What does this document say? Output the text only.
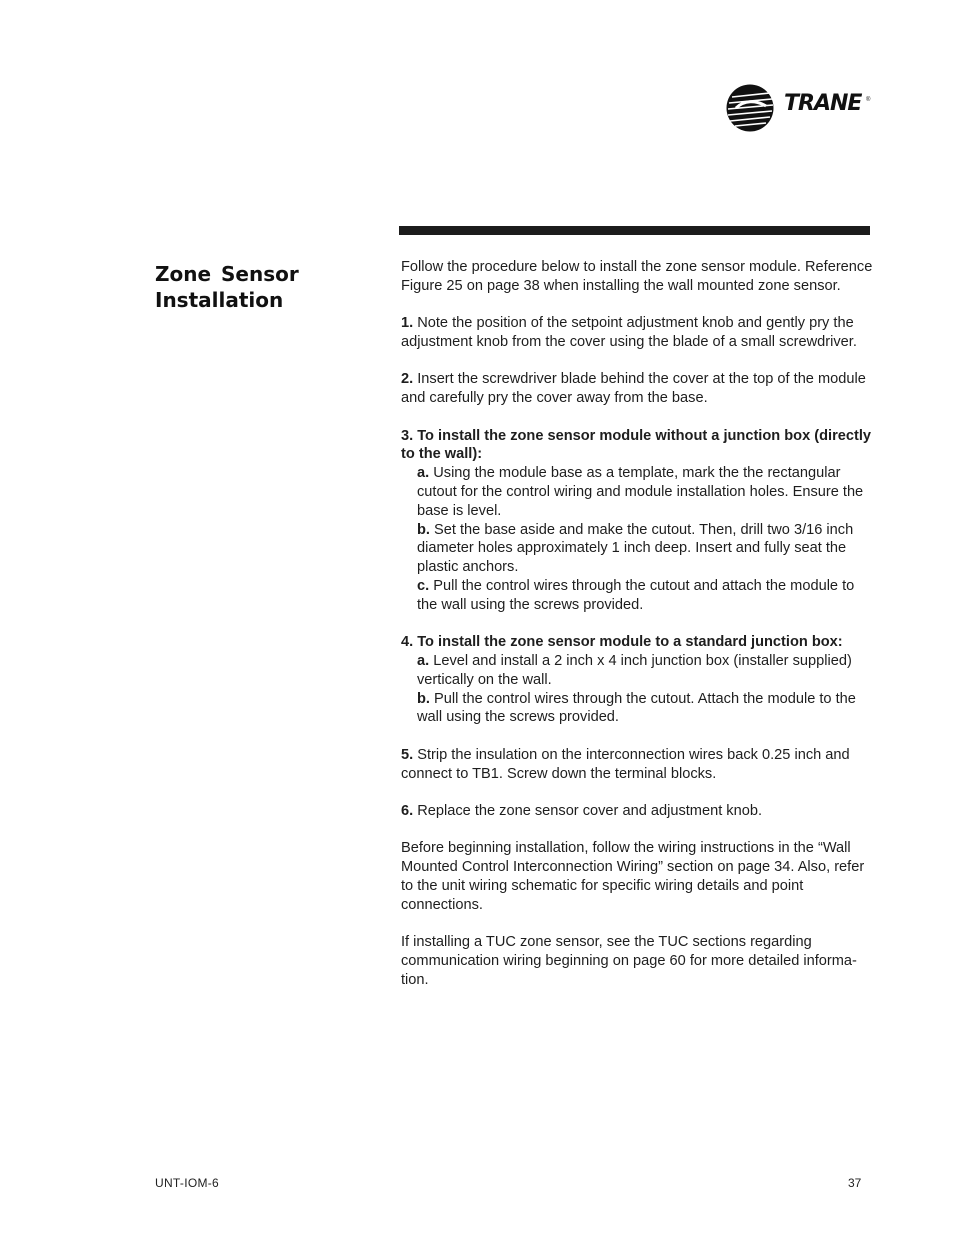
TRANE ®
Zone Sensor Installation

Follow the procedure below to install the zone sensor module. Reference Figure 25 on page 38 when installing the wall mounted zone sensor.

1. Note the position of the setpoint adjustment knob and gently pry the adjustment knob from the cover using the blade of a small screwdriver.

2. Insert the screwdriver blade behind the cover at the top of the module and carefully pry the cover away from the base.

3. To install the zone sensor module without a junction box (directly to the wall):
a. Using the module base as a template, mark the the rectangular cutout for the control wiring and module installation holes. Ensure the base is level.
b. Set the base aside and make the cutout. Then, drill two 3/16 inch diameter holes approximately 1 inch deep. Insert and fully seat the plastic anchors.
c. Pull the control wires through the cutout and attach the module to the wall using the screws provided.

4. To install the zone sensor module to a standard junction box:
a. Level and install a 2 inch x 4 inch junction box (installer supplied) vertically on the wall.
b. Pull the control wires through the cutout. Attach the module to the wall using the screws provided.

5. Strip the insulation on the interconnection wires back 0.25 inch and connect to TB1. Screw down the terminal blocks.

6. Replace the zone sensor cover and adjustment knob.

Before beginning installation, follow the wiring instructions in the “Wall Mounted Control Interconnection Wiring” section on page 34. Also, refer to the unit wiring schematic for specific wiring details and point connections.

If installing a TUC zone sensor, see the TUC sections regarding communication wiring beginning on page 60 for more detailed informa-tion.

UNT-IOM-6	37
